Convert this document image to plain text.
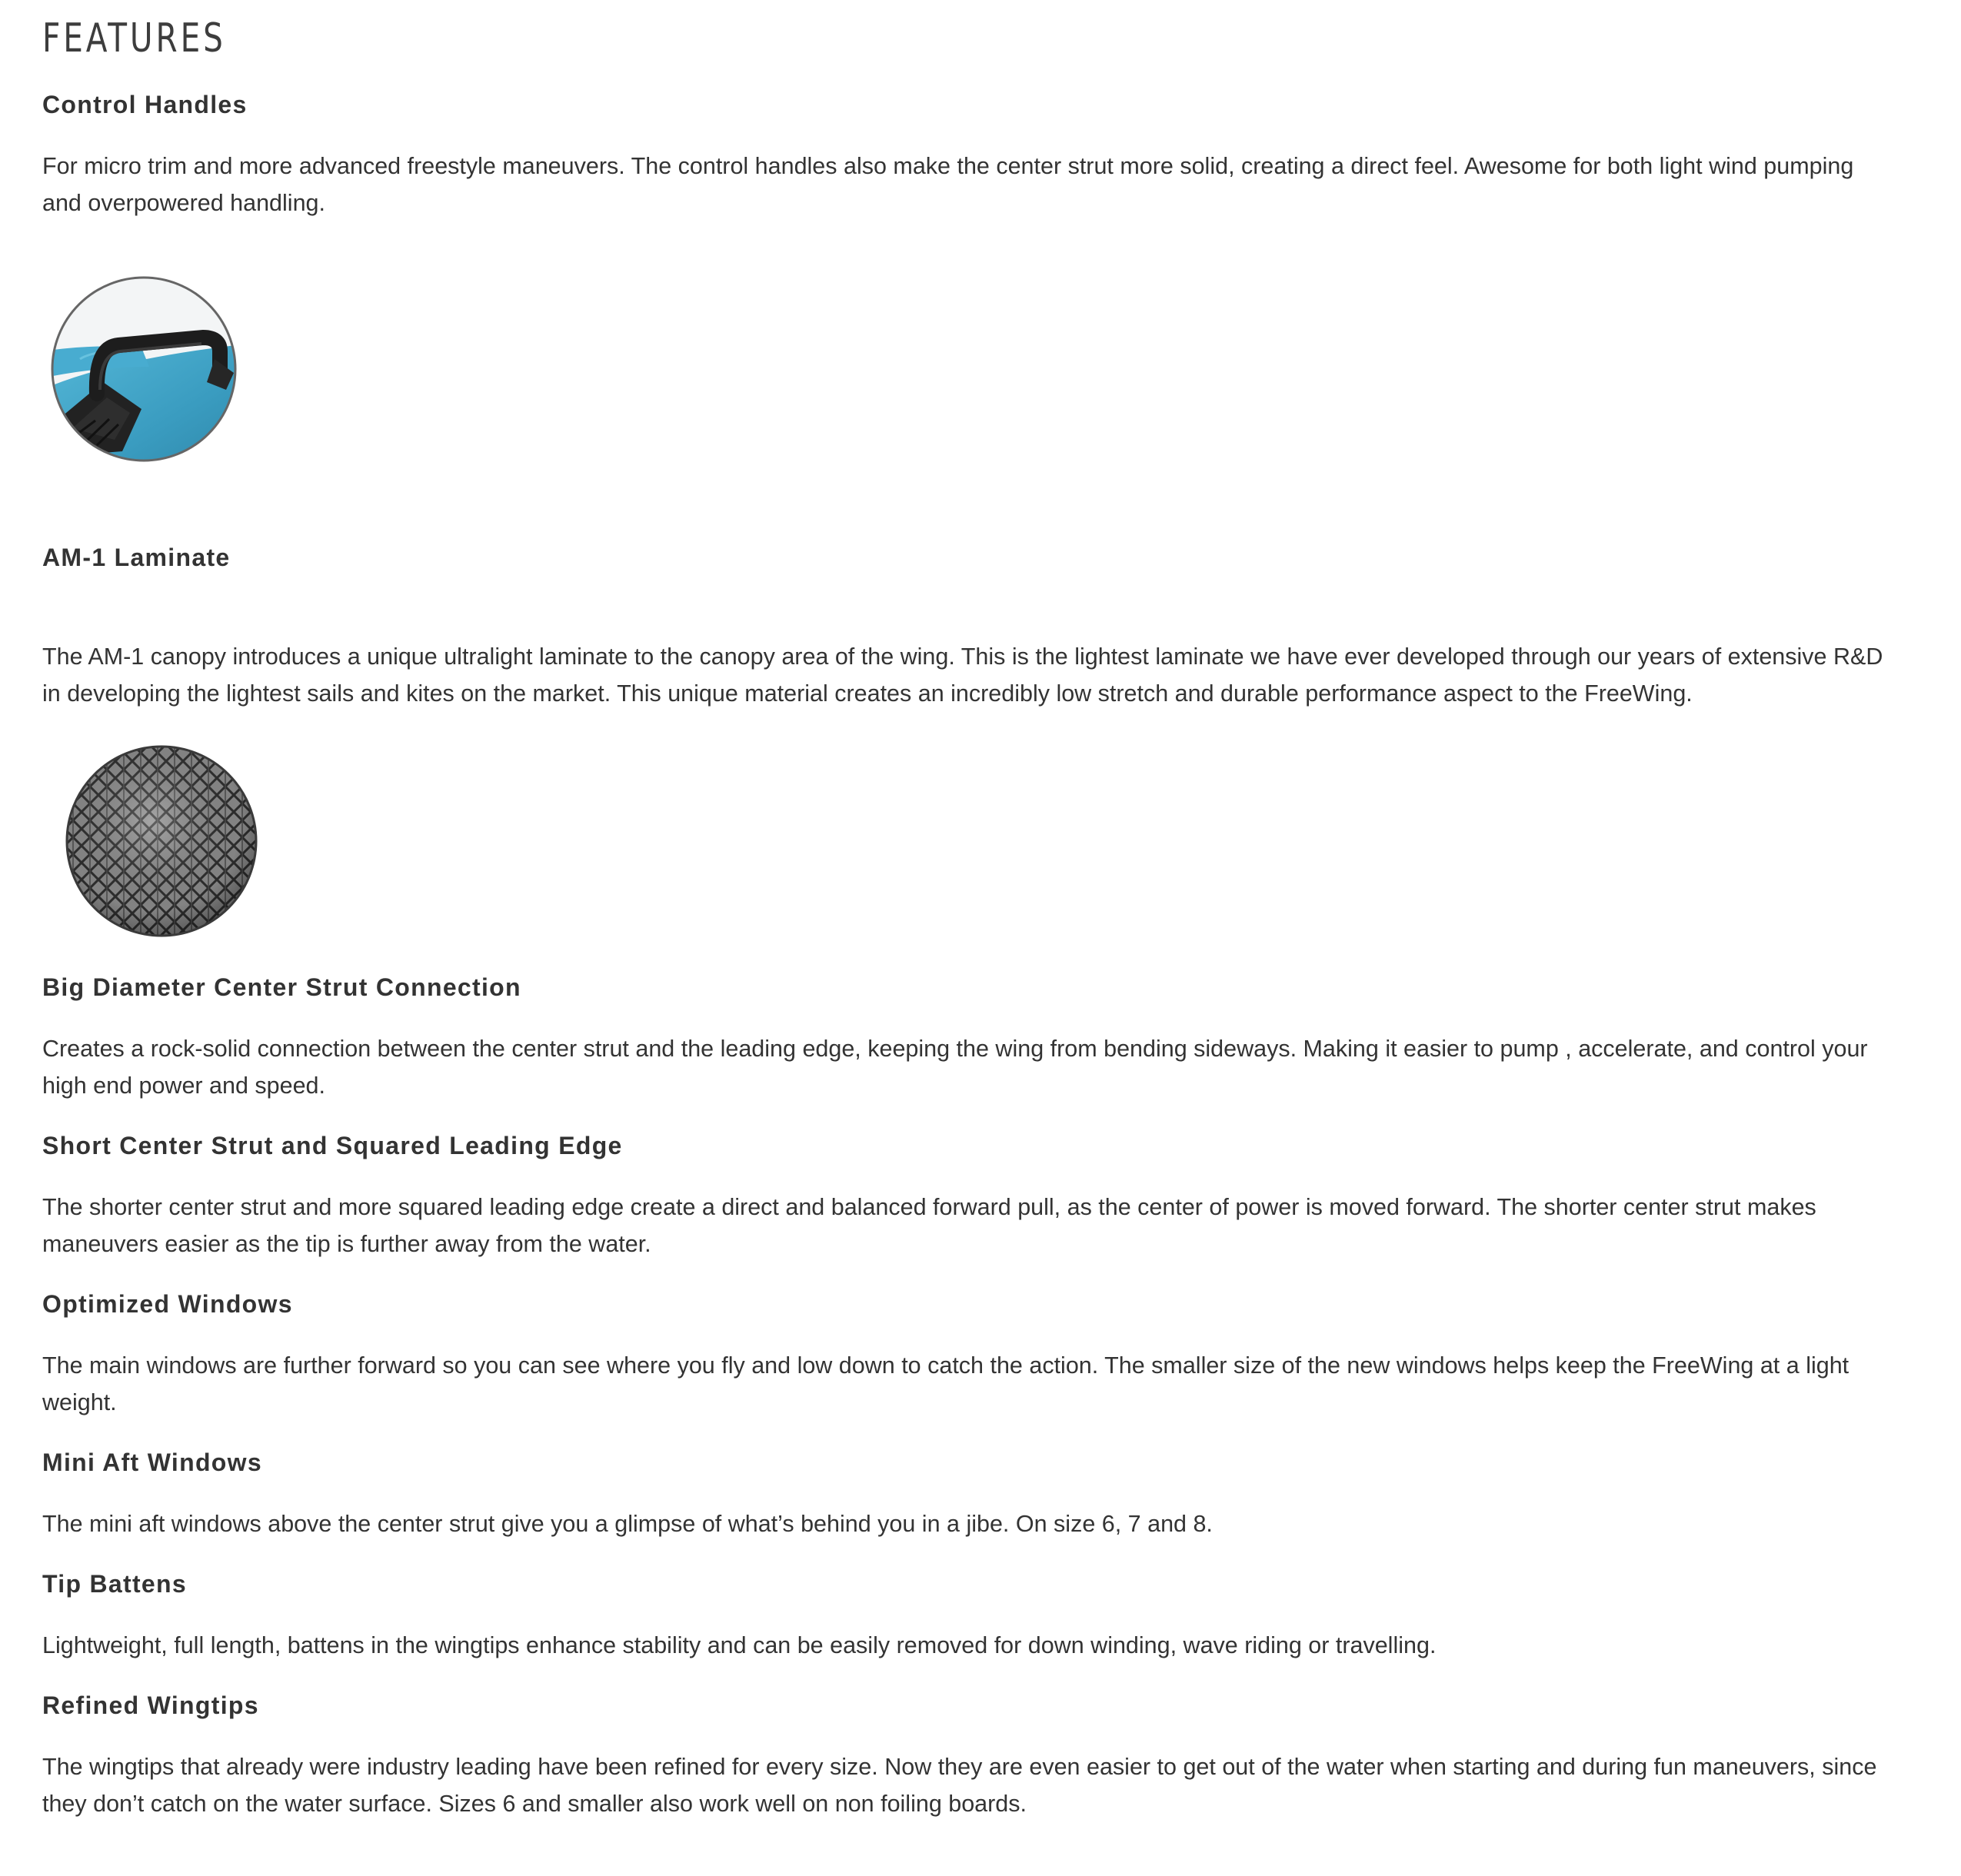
FEATURES
Control Handles

For micro trim and more advanced freestyle maneuvers. The control handles also make the center strut more solid, creating a direct feel. Awesome for both light wind pumping and overpowered handling.

AM-1 Laminate

The AM-1 canopy introduces a unique ultralight laminate to the canopy area of the wing. This is the lightest laminate we have ever developed through our years of extensive R&D in developing the lightest sails and kites on the market. This unique material creates an incredibly low stretch and durable performance aspect to the FreeWing.

Big Diameter Center Strut Connection

Creates a rock-solid connection between the center strut and the leading edge, keeping the wing from bending sideways. Making it easier to pump , accelerate, and control your high end power and speed.

Short Center Strut and Squared Leading Edge

The shorter center strut and more squared leading edge create a direct and balanced forward pull, as the center of power is moved forward. The shorter center strut makes maneuvers easier as the tip is further away from the water.

Optimized Windows

The main windows are further forward so you can see where you fly and low down to catch the action. The smaller size of the new windows helps keep the FreeWing at a light weight.

Mini Aft Windows

The mini aft windows above the center strut give you a glimpse of what’s behind you in a jibe. On size 6, 7 and 8.

Tip Battens

Lightweight, full length, battens in the wingtips enhance stability and can be easily removed for down winding, wave riding or travelling.

Refined Wingtips

The wingtips that already were industry leading have been refined for every size. Now they are even easier to get out of the water when starting and during fun maneuvers, since they don’t catch on the water surface. Sizes 6 and smaller also work well on non foiling boards.
